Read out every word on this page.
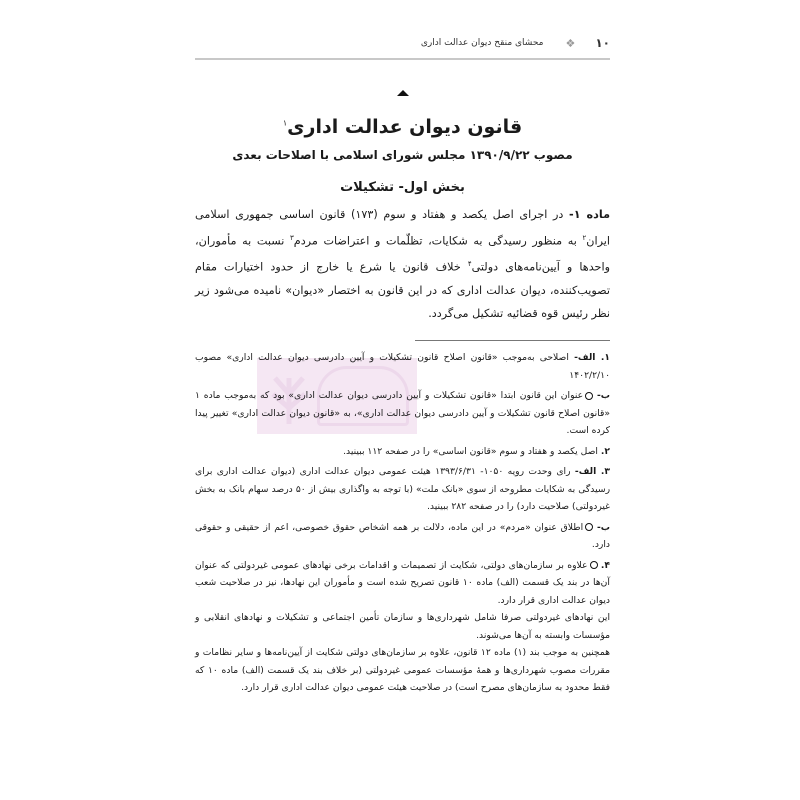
۱۰
❖
محشای منقح دیوان عدالت اداری
قانون دیوان عدالت اداری$^۱$
مصوب ۱۳۹۰/۹/۲۲ مجلس شورای اسلامی با اصلاحات بعدی
بخش اول- تشکیلات
ماده ۱- در اجرای اصل یکصد و هفتاد و سوم (۱۷۳) قانون اساسی جمهوری اسلامی ایران$^۲$ به منظور رسیدگی به شکایات، تظلّمات و اعتراضات مردم$^۳$ نسبت به مأموران، واحدها و آیین‌نامه‌های دولتی$^۴$ خلاف قانون یا شرع یا خارج از حدود اختیارات مقام تصویب‌کننده، دیوان عدالت اداری که در این قانون به اختصار «دیوان» نامیده می‌شود زیر نظر رئیس قوه قضائیه تشکیل می‌گردد.
۱. الف- اصلاحی به‌موجب «قانون اصلاح قانون تشکیلات و آیین دادرسی دیوان عدالت اداری» مصوب ۱۴۰۲/۲/۱۰
ب- عنوان این قانون ابتدا «قانون تشکیلات و آیین دادرسی دیوان عدالت اداری» بود که به‌موجب ماده ۱ «قانون اصلاح قانون تشکیلات و آیین دادرسی دیوان عدالت اداری»، به «قانون دیوان عدالت اداری» تغییر پیدا کرده است.
۲. اصل یکصد و هفتاد و سوم «قانون اساسی» را در صفحه ۱۱۲ ببینید.
۳. الف- رای وحدت رویه ۱۰۵۰- ۱۳۹۳/۶/۳۱ هیئت عمومی دیوان عدالت اداری (دیوان عدالت اداری برای رسیدگی به شکایات مطروحه از سوی «بانک ملت» (با توجه به واگذاری بیش از ۵۰ درصد سهام بانک به بخش غیردولتی) صلاحیت دارد) را در صفحه ۲۸۲ ببینید.
ب- اطلاق عنوان «مردم» در این ماده، دلالت بر همه اشخاص حقوق خصوصی، اعم از حقیقی و حقوقی دارد.
۴. علاوه بر سازمان‌های دولتی، شکایت از تصمیمات و اقدامات برخی نهادهای عمومی غیردولتی که عنوان آن‌ها در بند یک قسمت (الف) ماده ۱۰ قانون تصریح شده است و مأموران این نهادها، نیز در صلاحیت شعب دیوان عدالت اداری قرار دارد.
این نهادهای غیردولتی صرفا شامل شهرداری‌ها و سازمان تأمین اجتماعی و تشکیلات و نهادهای انقلابی و مؤسسات وابسته به آن‌ها می‌شوند.
همچنین به موجب بند (۱) ماده ۱۲ قانون، علاوه بر سازمان‌های دولتی شکایت از آیین‌نامه‌ها و سایر نظامات و مقررات مصوب شهرداری‌ها و همهٔ مؤسسات عمومی غیردولتی (بر خلاف بند یک قسمت (الف) ماده ۱۰ که فقط محدود به سازمان‌های مصرح است) در صلاحیت هیئت عمومی دیوان عدالت اداری قرار دارد.
